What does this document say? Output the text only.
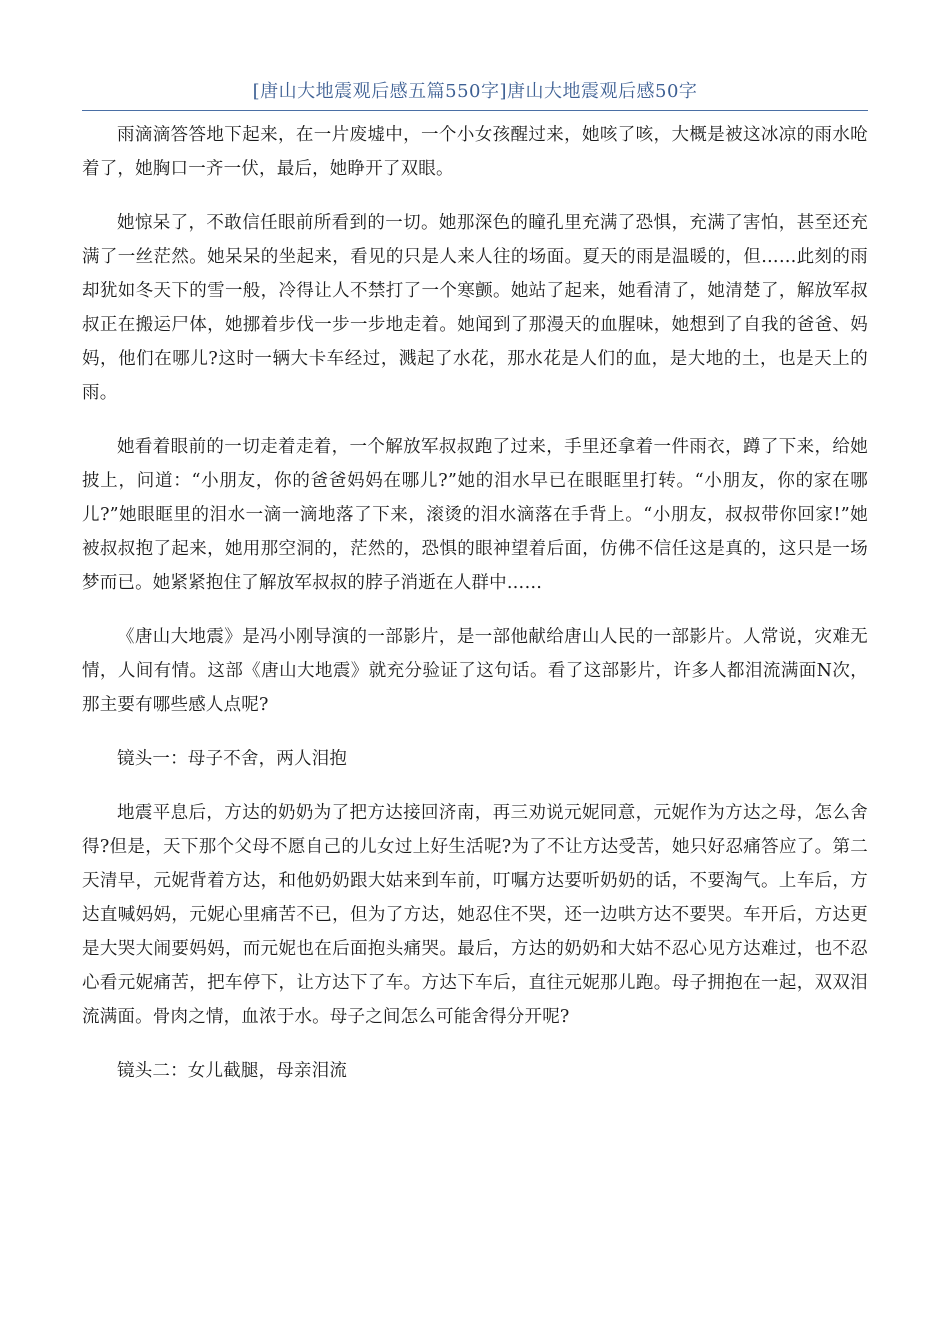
[唐山大地震观后感五篇550字]唐山大地震观后感50字

雨滴滴答答地下起来，在一片废墟中，一个小女孩醒过来，她咳了咳，大概是被这冰凉的雨水呛着了，她胸口一齐一伏，最后，她睁开了双眼。

她惊呆了，不敢信任眼前所看到的一切。她那深色的瞳孔里充满了恐惧，充满了害怕，甚至还充满了一丝茫然。她呆呆的坐起来，看见的只是人来人往的场面。夏天的雨是温暖的，但……此刻的雨却犹如冬天下的雪一般，冷得让人不禁打了一个寒颤。她站了起来，她看清了，她清楚了，解放军叔叔正在搬运尸体，她挪着步伐一步一步地走着。她闻到了那漫天的血腥味，她想到了自我的爸爸、妈妈，他们在哪儿?这时一辆大卡车经过，溅起了水花，那水花是人们的血，是大地的土，也是天上的雨。

她看着眼前的一切走着走着，一个解放军叔叔跑了过来，手里还拿着一件雨衣，蹲了下来，给她披上，问道：“小朋友，你的爸爸妈妈在哪儿?”她的泪水早已在眼眶里打转。“小朋友，你的家在哪儿?”她眼眶里的泪水一滴一滴地落了下来，滚烫的泪水滴落在手背上。“小朋友，叔叔带你回家!”她被叔叔抱了起来，她用那空洞的，茫然的，恐惧的眼神望着后面，仿佛不信任这是真的，这只是一场梦而已。她紧紧抱住了解放军叔叔的脖子消逝在人群中……

《唐山大地震》是冯小刚导演的一部影片，是一部他献给唐山人民的一部影片。人常说，灾难无情，人间有情。这部《唐山大地震》就充分验证了这句话。看了这部影片，许多人都泪流满面N次，那主要有哪些感人点呢?

镜头一：母子不舍，两人泪抱

地震平息后，方达的奶奶为了把方达接回济南，再三劝说元妮同意，元妮作为方达之母，怎么舍得?但是，天下那个父母不愿自己的儿女过上好生活呢?为了不让方达受苦，她只好忍痛答应了。第二天清早，元妮背着方达，和他奶奶跟大姑来到车前，叮嘱方达要听奶奶的话，不要淘气。上车后，方达直喊妈妈，元妮心里痛苦不已，但为了方达，她忍住不哭，还一边哄方达不要哭。车开后，方达更是大哭大闹要妈妈，而元妮也在后面抱头痛哭。最后，方达的奶奶和大姑不忍心见方达难过，也不忍心看元妮痛苦，把车停下，让方达下了车。方达下车后，直往元妮那儿跑。母子拥抱在一起，双双泪流满面。骨肉之情，血浓于水。母子之间怎么可能舍得分开呢?

镜头二：女儿截腿，母亲泪流
